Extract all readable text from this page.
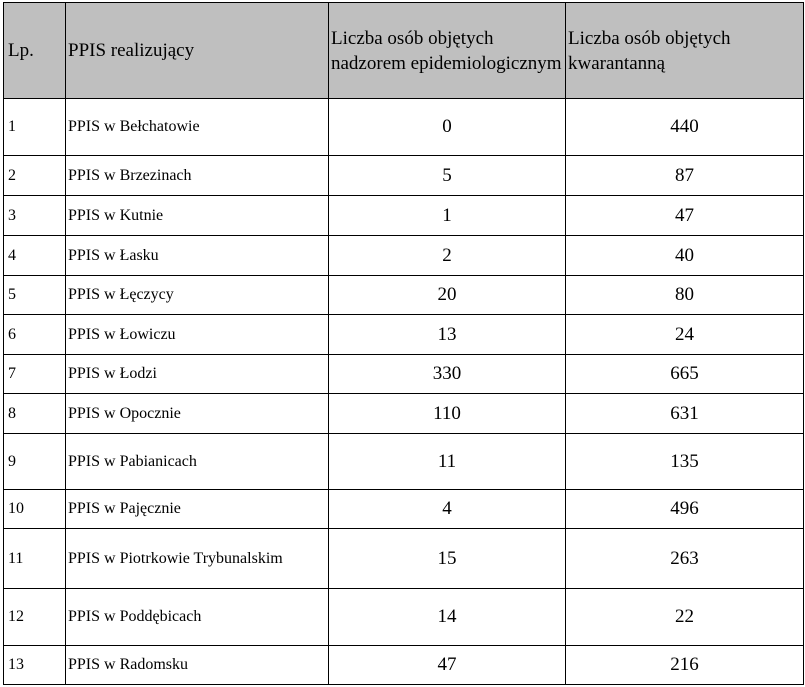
Lp.	PPIS realizujący	Liczba osób objętych nadzorem epidemiologicznym	Liczba osób objętych kwarantanną
1	PPIS w Bełchatowie	0	440
2	PPIS w Brzezinach	5	87
3	PPIS w Kutnie	1	47
4	PPIS w Łasku	2	40
5	PPIS w Łęczycy	20	80
6	PPIS w Łowiczu	13	24
7	PPIS w Łodzi	330	665
8	PPIS w Opocznie	110	631
9	PPIS w Pabianicach	11	135
10	PPIS w Pajęcznie	4	496
11	PPIS w Piotrkowie Trybunalskim	15	263
12	PPIS w Poddębicach	14	22
13	PPIS w Radomsku	47	216
